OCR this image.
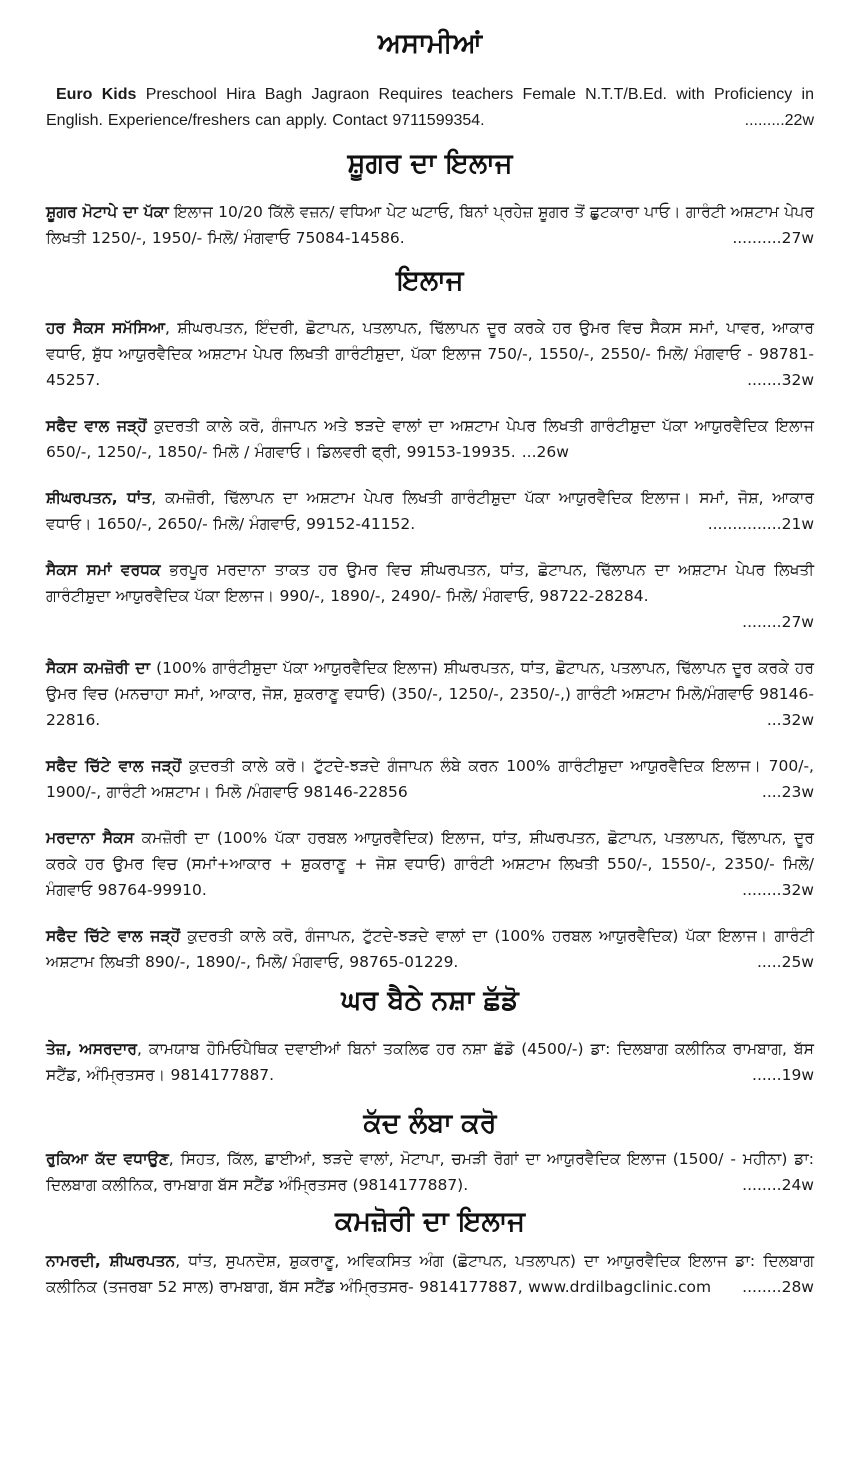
ਅਸਾਮੀਆਂ

Euro Kids Preschool Hira Bagh Jagraon Requires teachers Female N.T.T/B.Ed. with Proficiency in English. Experience/freshers can apply. Contact 9711599354.	.........22w

ਸ਼ੂਗਰ ਦਾ ਇਲਾਜ

ਸ਼ੂਗਰ ਮੋਟਾਪੇ ਦਾ ਪੱਕਾ ਇਲਾਜ 10/20 ਕਿੱਲੋ ਵਜ਼ਨ/ ਵਧਿਆ ਪੇਟ ਘਟਾਓ, ਬਿਨਾਂ ਪ੍ਰਹੇਜ਼ ਸ਼ੂਗਰ ਤੋਂ ਛੁਟਕਾਰਾ ਪਾਓ। ਗਾਰੰਟੀ ਅਸ਼ਟਾਮ ਪੇਪਰ ਲਿਖਤੀ 1250/-, 1950/- ਮਿਲੋ/ ਮੰਗਵਾਓ 75084-14586.	..........27w

ਇਲਾਜ

ਹਰ ਸੈਕਸ ਸਮੱਸਿਆ, ਸ਼ੀਘਰਪਤਨ, ਇੰਦਰੀ, ਛੋਟਾਪਨ, ਪਤਲਾਪਨ, ਢਿੱਲਾਪਨ ਦੂਰ ਕਰਕੇ ਹਰ ਉਮਰ ਵਿਚ ਸੈਕਸ ਸਮਾਂ, ਪਾਵਰ, ਆਕਾਰ ਵਧਾਓ, ਸ਼ੁੱਧ ਆਯੁਰਵੈਦਿਕ ਅਸ਼ਟਾਮ ਪੇਪਰ ਲਿਖਤੀ ਗਾਰੰਟੀਸ਼ੁਦਾ, ਪੱਕਾ ਇਲਾਜ 750/-, 1550/-, 2550/- ਮਿਲੋ/ ਮੰਗਵਾਓ - 98781-45257.	.......32w

ਸਫੈਦ ਵਾਲ ਜੜ੍ਹੋਂ ਕੁਦਰਤੀ ਕਾਲੇ ਕਰੋ, ਗੰਜਾਪਨ ਅਤੇ ਝੜਦੇ ਵਾਲਾਂ ਦਾ ਅਸ਼ਟਾਮ ਪੇਪਰ ਲਿਖਤੀ ਗਾਰੰਟੀਸ਼ੁਦਾ ਪੱਕਾ ਆਯੁਰਵੈਦਿਕ ਇਲਾਜ 650/-, 1250/-, 1850/- ਮਿਲੋ / ਮੰਗਵਾਓ। ਡਿਲਵਰੀ ਫ੍ਰੀ, 99153-19935. ...26w

ਸ਼ੀਘਰਪਤਨ, ਧਾਂਤ, ਕਮਜ਼ੋਰੀ, ਢਿੱਲਾਪਨ ਦਾ ਅਸ਼ਟਾਮ ਪੇਪਰ ਲਿਖਤੀ ਗਾਰੰਟੀਸ਼ੁਦਾ ਪੱਕਾ ਆਯੁਰਵੈਦਿਕ ਇਲਾਜ। ਸਮਾਂ, ਜੋਸ਼, ਆਕਾਰ ਵਧਾਓ। 1650/-, 2650/- ਮਿਲੋ/ ਮੰਗਵਾਓ, 99152-41152.	...............21w

ਸੈਕਸ ਸਮਾਂ ਵਰਧਕ ਭਰਪੂਰ ਮਰਦਾਨਾ ਤਾਕਤ ਹਰ ਉਮਰ ਵਿਚ ਸ਼ੀਘਰਪਤਨ, ਧਾਂਤ, ਛੋਟਾਪਨ, ਢਿੱਲਾਪਨ ਦਾ ਅਸ਼ਟਾਮ ਪੇਪਰ ਲਿਖਤੀ ਗਾਰੰਟੀਸ਼ੁਦਾ ਆਯੁਰਵੈਦਿਕ ਪੱਕਾ ਇਲਾਜ। 990/-, 1890/-, 2490/- ਮਿਲੋ/ ਮੰਗਵਾਓ, 98722-28284.

........27w

ਸੈਕਸ ਕਮਜ਼ੋਰੀ ਦਾ (100% ਗਾਰੰਟੀਸ਼ੁਦਾ ਪੱਕਾ ਆਯੁਰਵੈਦਿਕ ਇਲਾਜ) ਸ਼ੀਘਰਪਤਨ, ਧਾਂਤ, ਛੋਟਾਪਨ, ਪਤਲਾਪਨ, ਢਿੱਲਾਪਨ ਦੂਰ ਕਰਕੇ ਹਰ ਉਮਰ ਵਿਚ (ਮਨਚਾਹਾ ਸਮਾਂ, ਆਕਾਰ, ਜੋਸ਼, ਸ਼ੁਕਰਾਣੂ ਵਧਾਓ) (350/-, 1250/-, 2350/-,) ਗਾਰੰਟੀ ਅਸ਼ਟਾਮ ਮਿਲੋ/ਮੰਗਵਾਓ 98146-22816.	...32w

ਸਫੈਦ ਚਿੱਟੇ ਵਾਲ ਜੜ੍ਹੋਂ ਕੁਦਰਤੀ ਕਾਲੇ ਕਰੋ। ਟੁੱਟਦੇ-ਝੜਦੇ ਗੰਜਾਪਨ ਲੰਬੇ ਕਰਨ 100% ਗਾਰੰਟੀਸ਼ੁਦਾ ਆਯੁਰਵੈਦਿਕ ਇਲਾਜ। 700/-, 1900/-, ਗਾਰੰਟੀ ਅਸ਼ਟਾਮ। ਮਿਲੋ /ਮੰਗਵਾਓ 98146-22856	....23w

ਮਰਦਾਨਾ ਸੈਕਸ ਕਮਜ਼ੋਰੀ ਦਾ (100% ਪੱਕਾ ਹਰਬਲ ਆਯੁਰਵੈਦਿਕ) ਇਲਾਜ, ਧਾਂਤ, ਸ਼ੀਘਰਪਤਨ, ਛੋਟਾਪਨ, ਪਤਲਾਪਨ, ਢਿੱਲਾਪਨ, ਦੂਰ ਕਰਕੇ ਹਰ ਉਮਰ ਵਿਚ (ਸਮਾਂ+ਆਕਾਰ + ਸ਼ੁਕਰਾਣੂ + ਜੋਸ਼ ਵਧਾਓ) ਗਾਰੰਟੀ ਅਸ਼ਟਾਮ ਲਿਖਤੀ 550/-, 1550/-, 2350/- ਮਿਲੋ/ ਮੰਗਵਾਓ 98764-99910.	........32w

ਸਫੈਦ ਚਿੱਟੇ ਵਾਲ ਜੜ੍ਹੋਂ ਕੁਦਰਤੀ ਕਾਲੇ ਕਰੋ, ਗੰਜਾਪਨ, ਟੁੱਟਦੇ-ਝੜਦੇ ਵਾਲਾਂ ਦਾ (100% ਹਰਬਲ ਆਯੁਰਵੈਦਿਕ) ਪੱਕਾ ਇਲਾਜ। ਗਾਰੰਟੀ ਅਸ਼ਟਾਮ ਲਿਖਤੀ 890/-, 1890/-, ਮਿਲੋ/ ਮੰਗਵਾਓ, 98765-01229.	.....25w

ਘਰ ਬੈਠੇ ਨਸ਼ਾ ਛੱਡੋ

ਤੇਜ਼, ਅਸਰਦਾਰ, ਕਾਮਯਾਬ ਹੋਮਿਓਪੈਥਿਕ ਦਵਾਈਆਂ ਬਿਨਾਂ ਤਕਲਿਫ ਹਰ ਨਸ਼ਾ ਛੱਡੋ (4500/-) ਡਾ: ਦਿਲਬਾਗ ਕਲੀਨਿਕ ਰਾਮਬਾਗ, ਬੱਸ ਸਟੈਂਡ, ਅੰਮ੍ਰਿਤਸਰ। 9814177887.	......19w

ਕੱਦ ਲੰਬਾ ਕਰੋ

ਰੁਕਿਆ ਕੱਦ ਵਧਾਉਣ, ਸਿਹਤ, ਕਿੱਲ, ਛਾਈਆਂ, ਝੜਦੇ ਵਾਲਾਂ, ਮੋਟਾਪਾ, ਚਮੜੀ ਰੋਗਾਂ ਦਾ ਆਯੁਰਵੈਦਿਕ ਇਲਾਜ (1500/ - ਮਹੀਨਾ) ਡਾ: ਦਿਲਬਾਗ ਕਲੀਨਿਕ, ਰਾਮਬਾਗ ਬੱਸ ਸਟੈਂਡ ਅੰਮ੍ਰਿਤਸਰ (9814177887).	........24w

ਕਮਜ਼ੋਰੀ ਦਾ ਇਲਾਜ

ਨਾਮਰਦੀ, ਸ਼ੀਘਰਪਤਨ, ਧਾਂਤ, ਸੁਪਨਦੋਸ਼, ਸ਼ੁਕਰਾਣੂ, ਅਵਿਕਸਿਤ ਅੰਗ (ਛੋਟਾਪਨ, ਪਤਲਾਪਨ) ਦਾ ਆਯੁਰਵੈਦਿਕ ਇਲਾਜ ਡਾ: ਦਿਲਬਾਗ ਕਲੀਨਿਕ (ਤਜਰਬਾ 52 ਸਾਲ) ਰਾਮਬਾਗ, ਬੱਸ ਸਟੈਂਡ ਅੰਮ੍ਰਿਤਸਰ- 9814177887, www.drdilbagclinic.com ........28w
